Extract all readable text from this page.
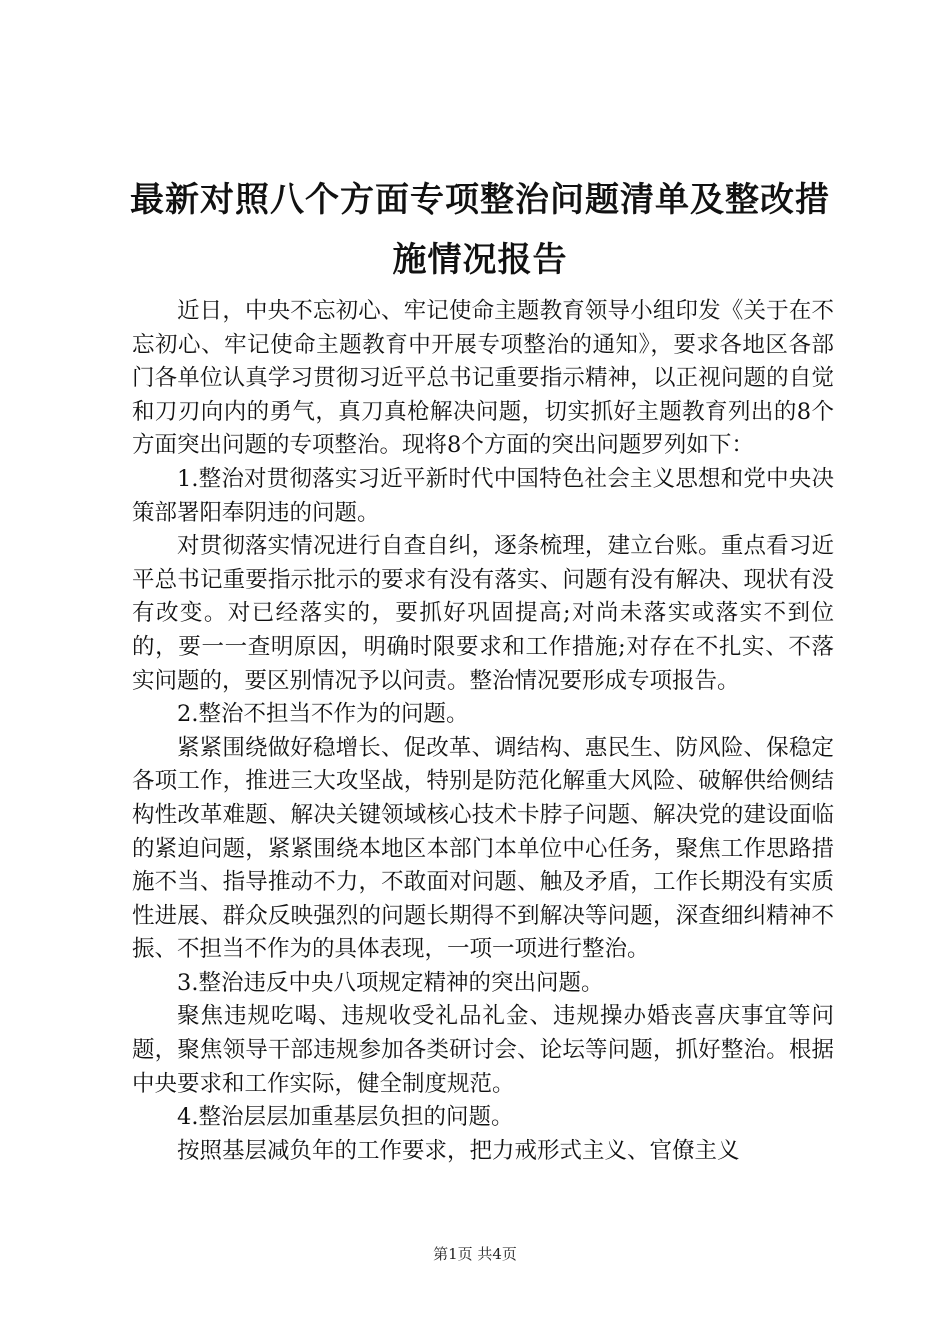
最新对照八个方面专项整治问题清单及整改措施情况报告

近日，中央不忘初心、牢记使命主题教育领导小组印发《关于在不忘初心、牢记使命主题教育中开展专项整治的通知》，要求各地区各部门各单位认真学习贯彻习近平总书记重要指示精神，以正视问题的自觉和刀刃向内的勇气，真刀真枪解决问题，切实抓好主题教育列出的8个方面突出问题的专项整治。现将8个方面的突出问题罗列如下：

1.整治对贯彻落实习近平新时代中国特色社会主义思想和党中央决策部署阳奉阴违的问题。

对贯彻落实情况进行自查自纠，逐条梳理，建立台账。重点看习近平总书记重要指示批示的要求有没有落实、问题有没有解决、现状有没有改变。对已经落实的，要抓好巩固提高;对尚未落实或落实不到位的，要一一查明原因，明确时限要求和工作措施;对存在不扎实、不落实问题的，要区别情况予以问责。整治情况要形成专项报告。

2.整治不担当不作为的问题。

紧紧围绕做好稳增长、促改革、调结构、惠民生、防风险、保稳定各项工作，推进三大攻坚战，特别是防范化解重大风险、破解供给侧结构性改革难题、解决关键领域核心技术卡脖子问题、解决党的建设面临的紧迫问题，紧紧围绕本地区本部门本单位中心任务，聚焦工作思路措施不当、指导推动不力，不敢面对问题、触及矛盾，工作长期没有实质性进展、群众反映强烈的问题长期得不到解决等问题，深查细纠精神不振、不担当不作为的具体表现，一项一项进行整治。

3.整治违反中央八项规定精神的突出问题。

聚焦违规吃喝、违规收受礼品礼金、违规操办婚丧喜庆事宜等问题，聚焦领导干部违规参加各类研讨会、论坛等问题，抓好整治。根据中央要求和工作实际，健全制度规范。

4.整治层层加重基层负担的问题。

按照基层减负年的工作要求，把力戒形式主义、官僚主义

第1页 共4页
